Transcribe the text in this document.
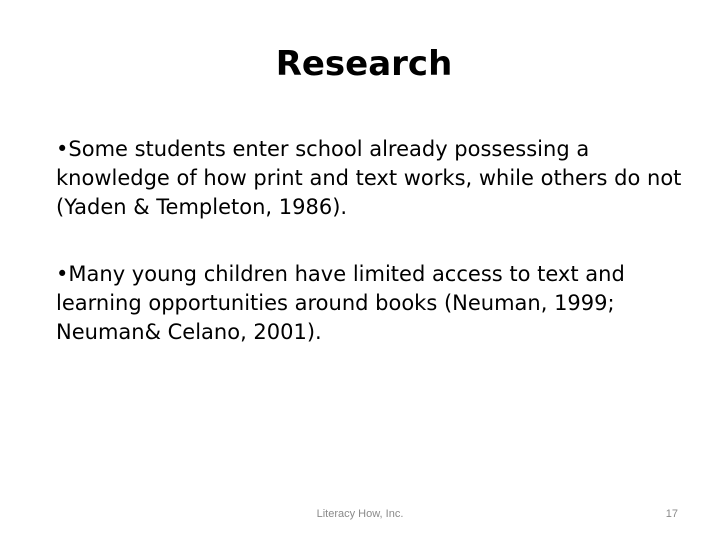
Research

•Some students enter school already possessing a knowledge of how print and text works, while others do not (Yaden & Templeton, 1986).

•Many young children have limited access to text and learning opportunities around books (Neuman, 1999; Neuman& Celano, 2001).

Literacy How, Inc.	17
